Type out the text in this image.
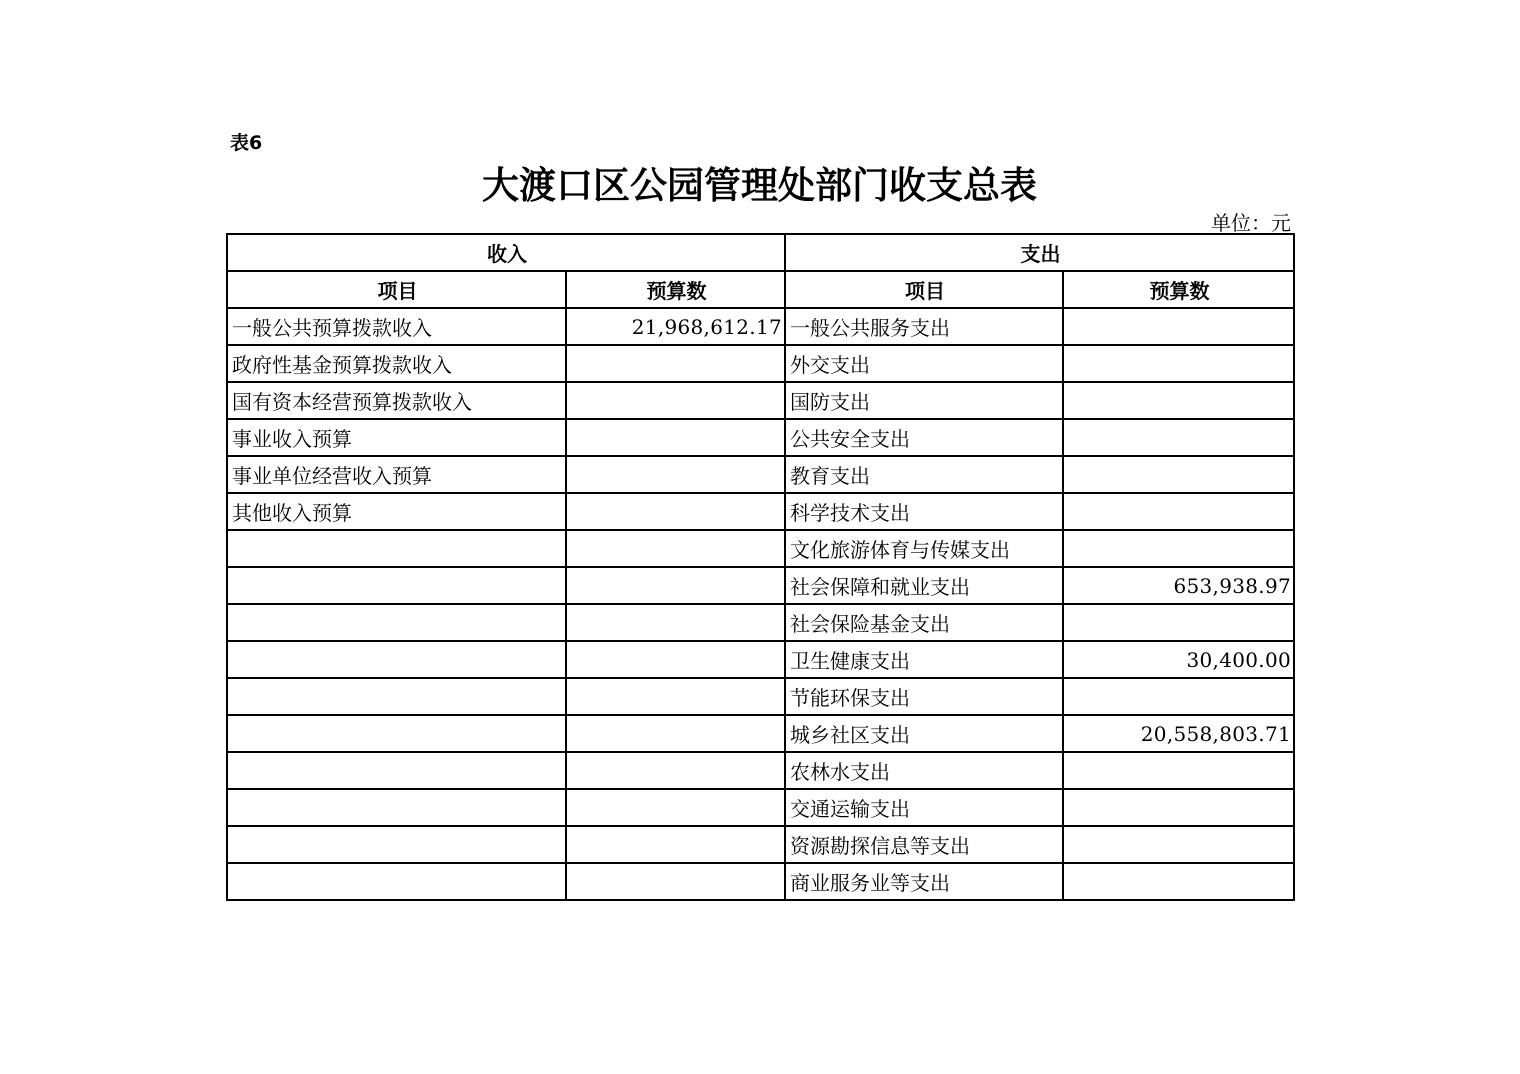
表6
大渡口区公园管理处部门收支总表
单位：元
收入		支出	
项目	预算数	项目	预算数
一般公共预算拨款收入	21,968,612.17	一般公共服务支出	
政府性基金预算拨款收入		外交支出	
国有资本经营预算拨款收入		国防支出	
事业收入预算		公共安全支出	
事业单位经营收入预算		教育支出	
其他收入预算		科学技术支出	
		文化旅游体育与传媒支出	
		社会保障和就业支出	653,938.97
		社会保险基金支出	
		卫生健康支出	30,400.00
		节能环保支出	
		城乡社区支出	20,558,803.71
		农林水支出	
		交通运输支出	
		资源勘探信息等支出	
		商业服务业等支出	
